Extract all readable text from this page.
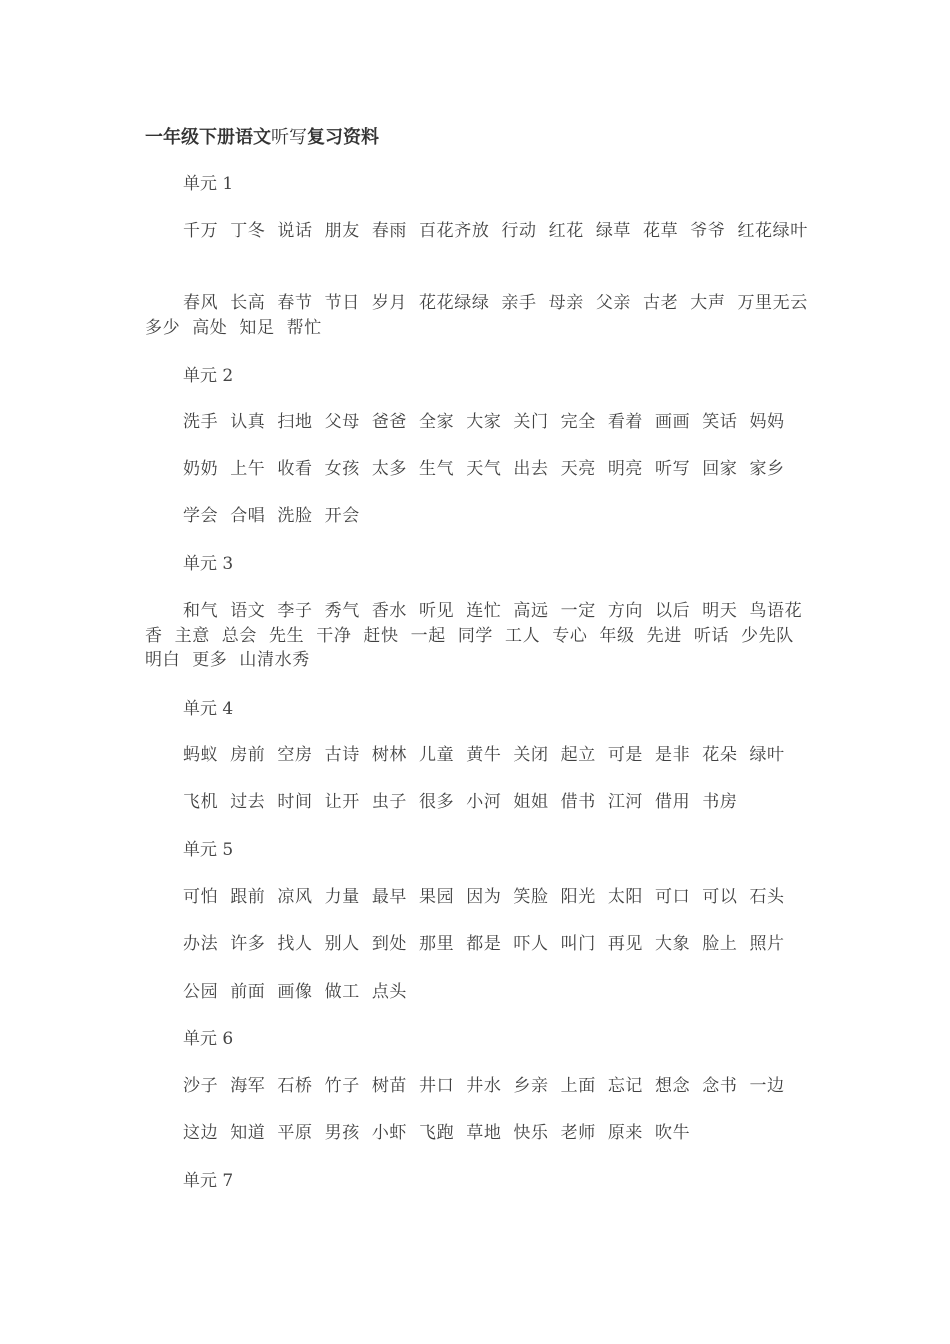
一年级下册语文听写复习资料
单元 1
千万 丁冬 说话 朋友 春雨 百花齐放 行动 红花 绿草 花草 爷爷 红花绿叶
春风 长高 春节 节日 岁月 花花绿绿 亲手 母亲 父亲 古老 大声 万里无云多少 高处 知足 帮忙
单元 2
洗手 认真 扫地 父母 爸爸 全家 大家 关门 完全 看着 画画 笑话 妈妈
奶奶 上午 收看 女孩 太多 生气 天气 出去 天亮 明亮 听写 回家 家乡
学会 合唱 洗脸 开会
单元 3
和气 语文 李子 秀气 香水 听见 连忙 高远 一定 方向 以后 明天 鸟语花香 主意 总会 先生 干净 赶快 一起 同学 工人 专心 年级 先进 听话 少先队 明白 更多 山清水秀
单元 4
蚂蚁 房前 空房 古诗 树林 儿童 黄牛 关闭 起立 可是 是非 花朵 绿叶
飞机 过去 时间 让开 虫子 很多 小河 姐姐 借书 江河 借用 书房
单元 5
可怕 跟前 凉风 力量 最早 果园 因为 笑脸 阳光 太阳 可口 可以 石头
办法 许多 找人 别人 到处 那里 都是 吓人 叫门 再见 大象 脸上 照片
公园 前面 画像 做工 点头
单元 6
沙子 海军 石桥 竹子 树苗 井口 井水 乡亲 上面 忘记 想念 念书 一边
这边 知道 平原 男孩 小虾 飞跑 草地 快乐 老师 原来 吹牛
单元 7
